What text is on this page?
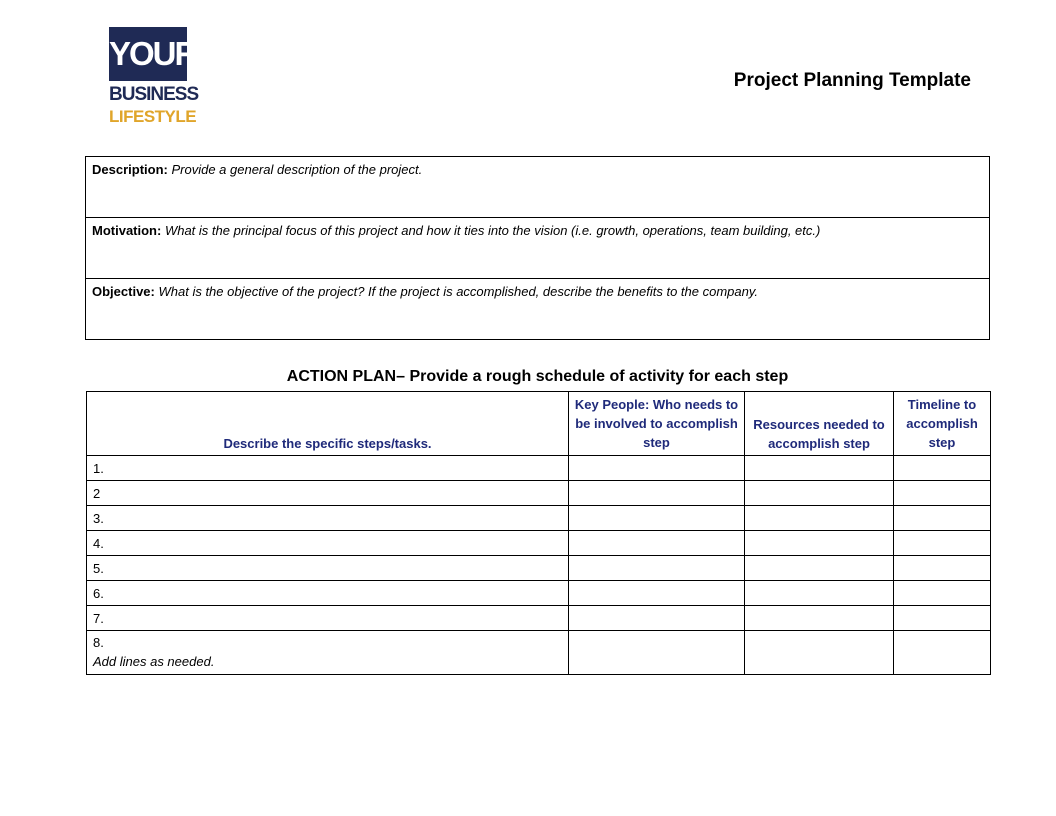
YOUR
BUSINESS
LIFESTYLE
Project Planning Template
Description: Provide a general description of the project.
Motivation: What is the principal focus of this project and how it ties into the vision (i.e. growth, operations, team building, etc.)
Objective: What is the objective of the project? If the project is accomplished, describe the benefits to the company.
ACTION PLAN– Provide a rough schedule of activity for each step
Describe the specific steps/tasks.	Key People: Who needs to be involved to accomplish step	Resources needed to accomplish step	Timeline to accomplish step
1.			
2			
3.			
4.			
5.			
6.			
7.			

8.
Add lines as needed.			
